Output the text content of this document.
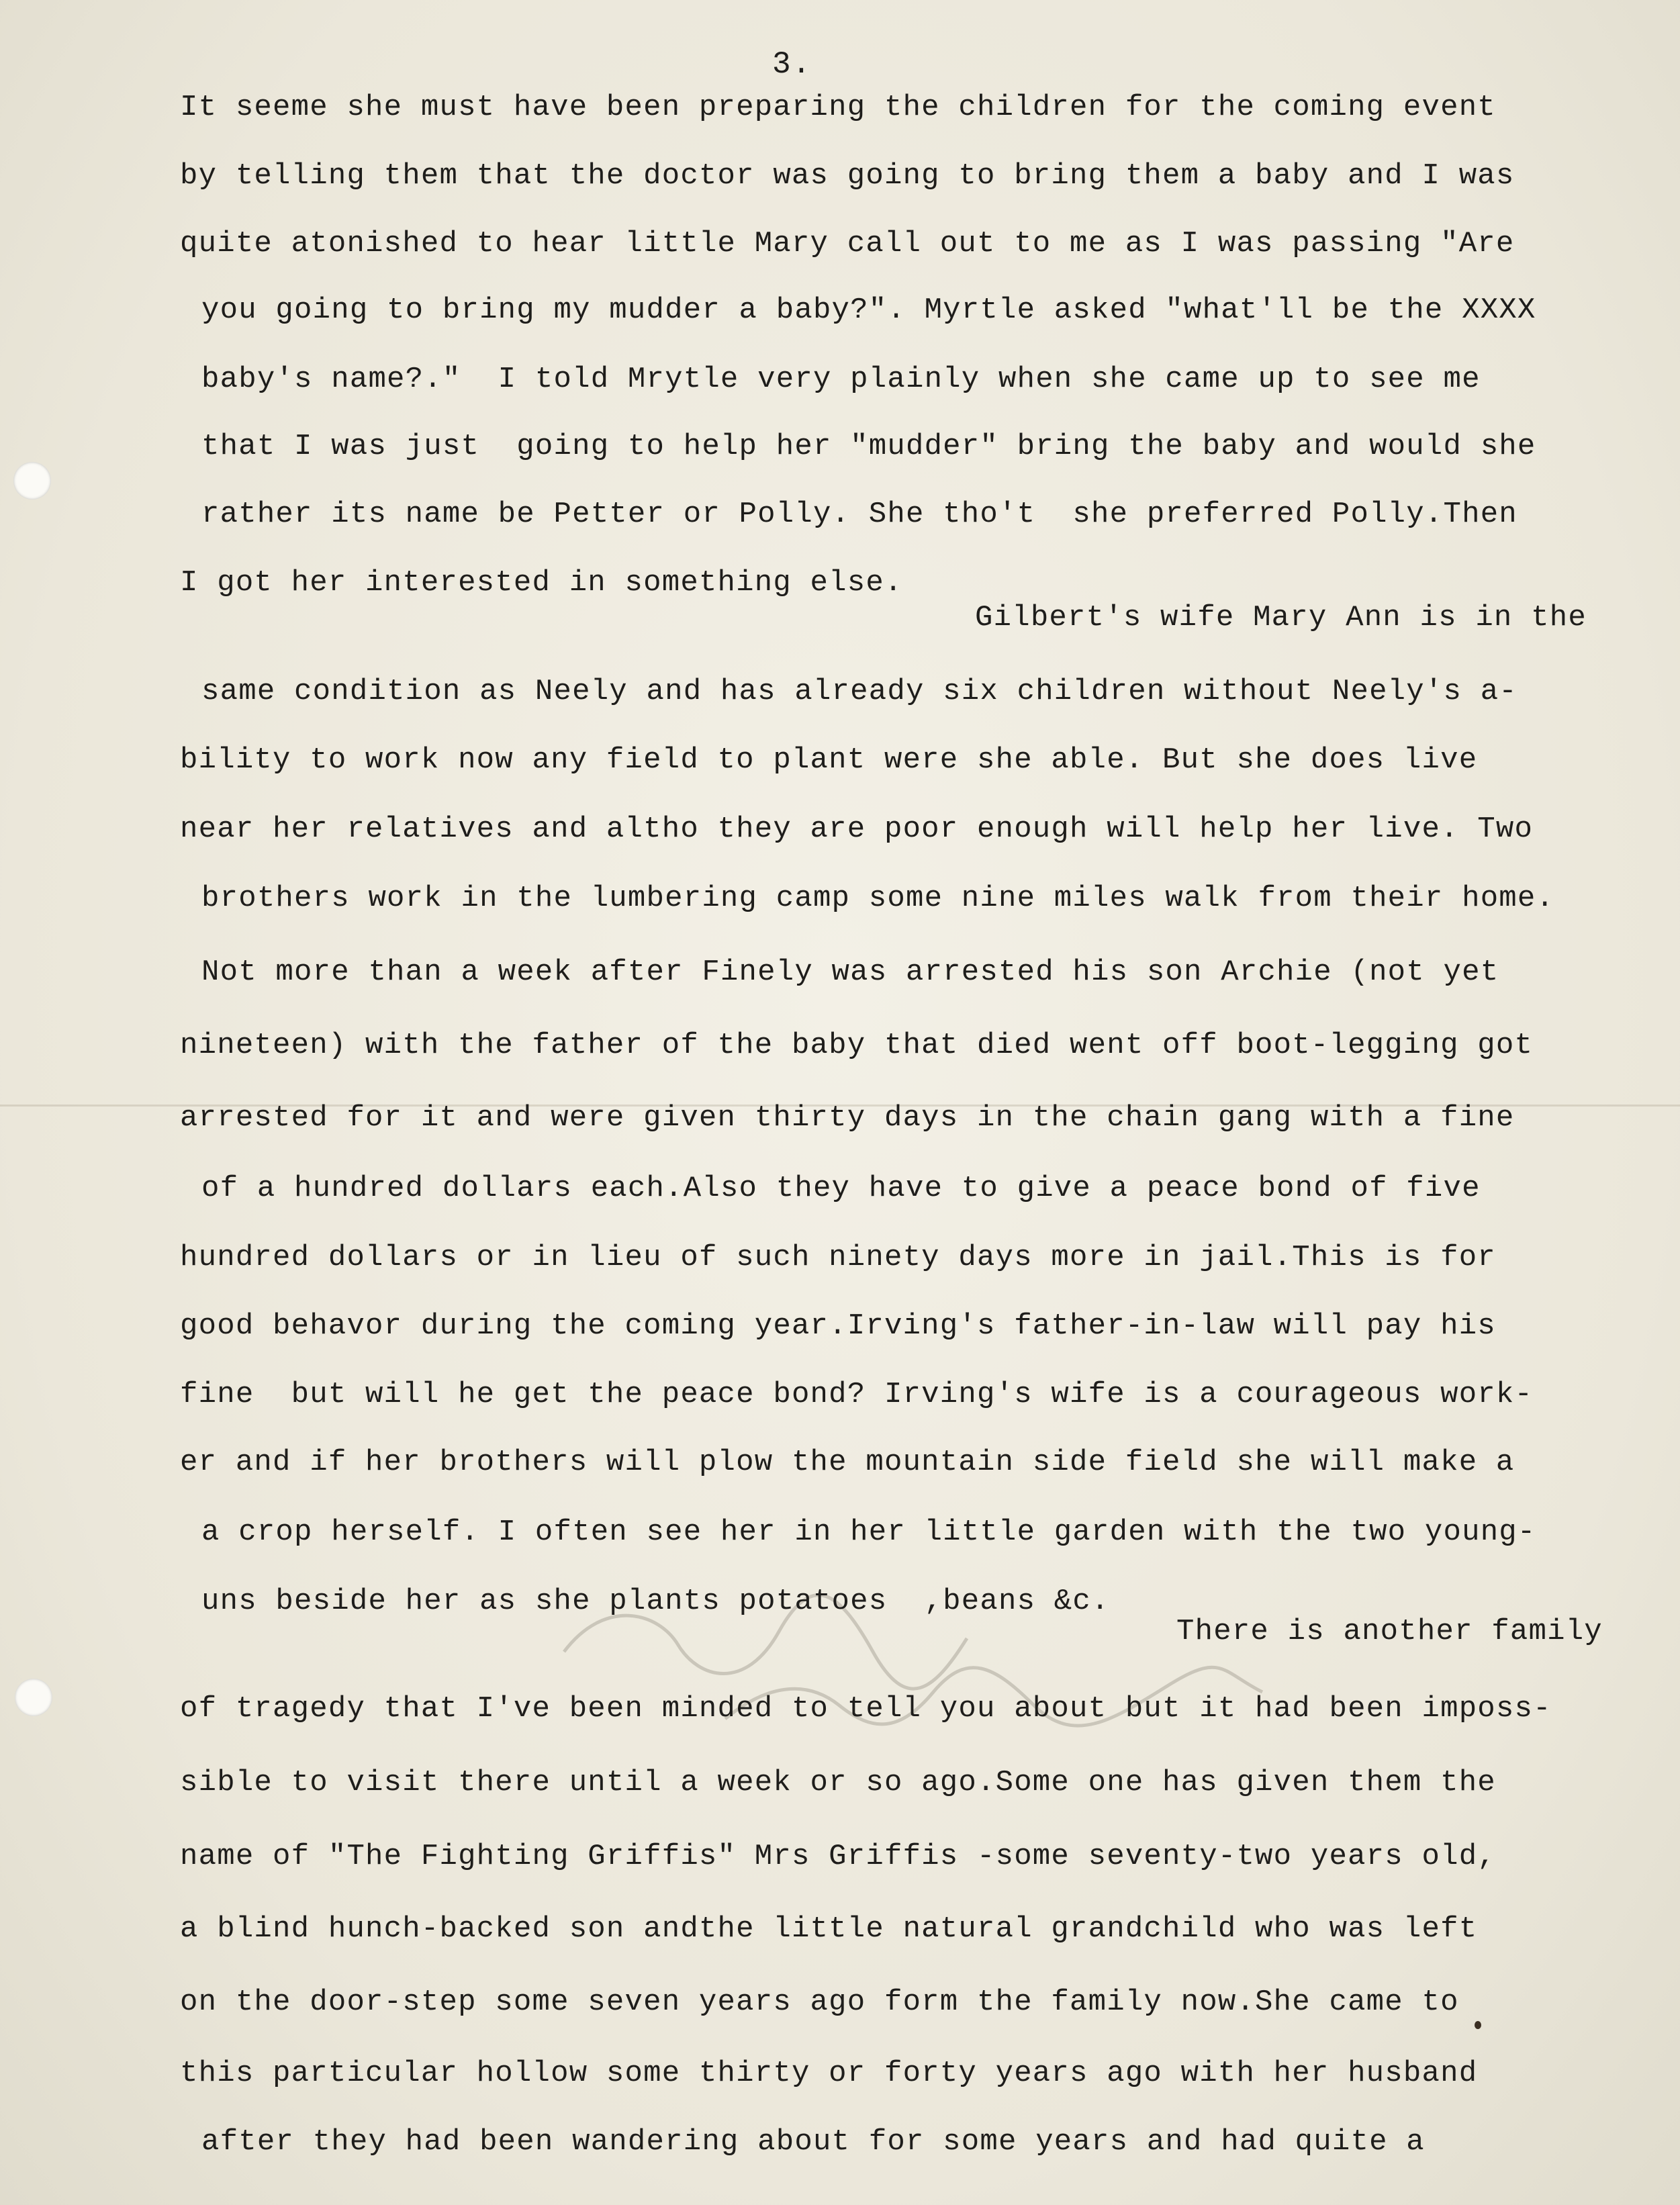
3.
It seeme she must have been preparing the children for the coming event
by telling them that the doctor was going to bring them a baby and I was
quite atonished to hear little Mary call out to me as I was passing "Are
you going to bring my mudder a baby?". Myrtle asked "what'll be the XXXX
baby's name?."  I told Mrytle very plainly when she came up to see me
that I was just  going to help her "mudder" bring the baby and would she
rather its name be Petter or Polly. She tho't  she preferred Polly.Then
I got her interested in something else.
Gilbert's wife Mary Ann is in the
same condition as Neely and has already six children without Neely's a-
bility to work now any field to plant were she able. But she does live
near her relatives and altho they are poor enough will help her live. Two
brothers work in the lumbering camp some nine miles walk from their home.
Not more than a week after Finely was arrested his son Archie (not yet
nineteen) with the father of the baby that died went off boot-legging got
arrested for it and were given thirty days in the chain gang with a fine
of a hundred dollars each.Also they have to give a peace bond of five
hundred dollars or in lieu of such ninety days more in jail.This is for
good behavor during the coming year.Irving's father-in-law will pay his
fine  but will he get the peace bond? Irving's wife is a courageous work-
er and if her brothers will plow the mountain side field she will make a
a crop herself. I often see her in her little garden with the two young-
uns beside her as she plants potatoes  ,beans &c.
There is another family
of tragedy that I've been minded to tell you about but it had been imposs-
sible to visit there until a week or so ago.Some one has given them the
name of "The Fighting Griffis" Mrs Griffis -some seventy-two years old,
a blind hunch-backed son andthe little natural grandchild who was left
on the door-step some seven years ago form the family now.She came to
this particular hollow some thirty or forty years ago with her husband
after they had been wandering about for some years and had quite a
